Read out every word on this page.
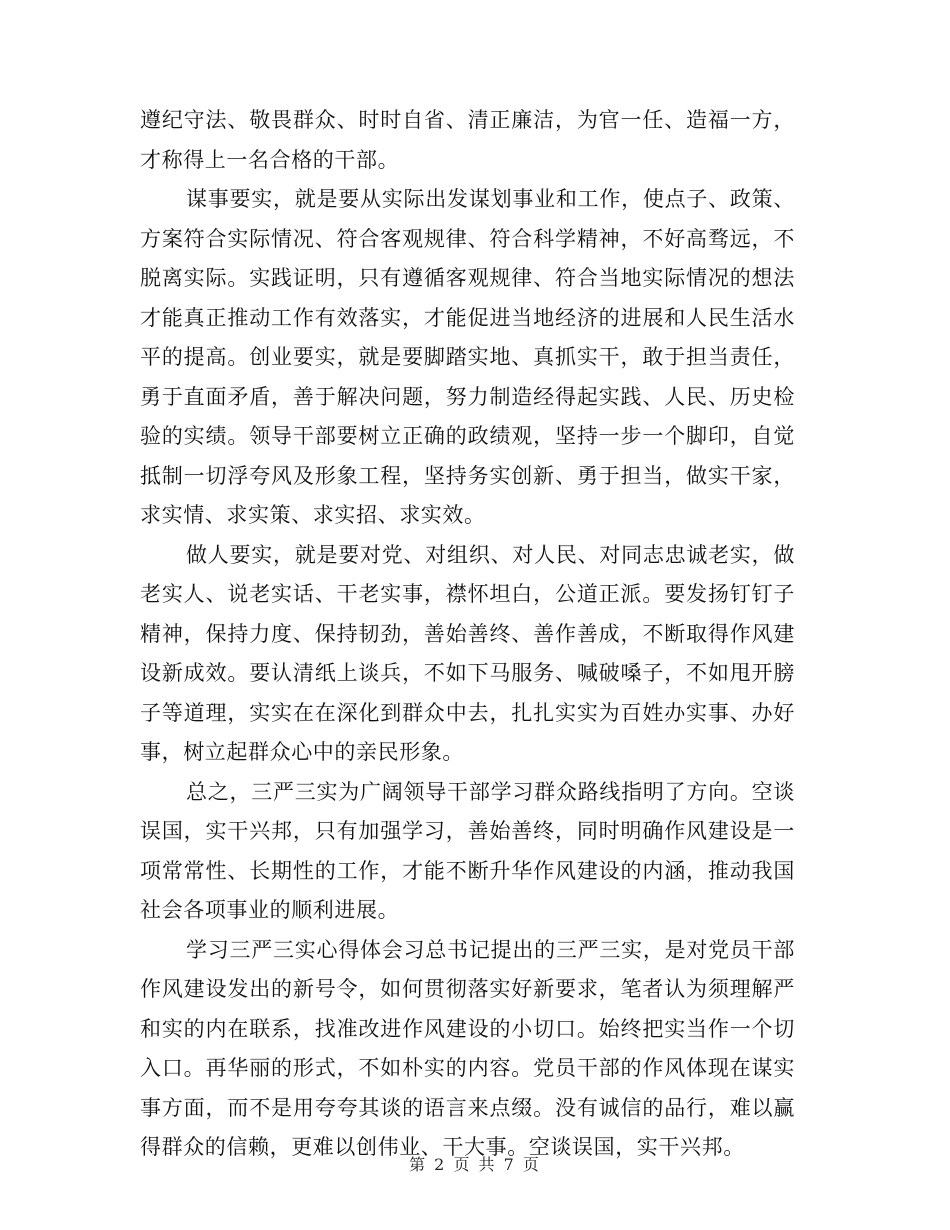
遵纪守法、敬畏群众、时时自省、清正廉洁，为官一任、造福一方，才称得上一名合格的干部。

谋事要实，就是要从实际出发谋划事业和工作，使点子、政策、方案符合实际情况、符合客观规律、符合科学精神，不好高骛远，不脱离实际。实践证明，只有遵循客观规律、符合当地实际情况的想法才能真正推动工作有效落实，才能促进当地经济的进展和人民生活水平的提高。创业要实，就是要脚踏实地、真抓实干，敢于担当责任，勇于直面矛盾，善于解决问题，努力制造经得起实践、人民、历史检验的实绩。领导干部要树立正确的政绩观，坚持一步一个脚印，自觉抵制一切浮夸风及形象工程，坚持务实创新、勇于担当，做实干家，求实情、求实策、求实招、求实效。

做人要实，就是要对党、对组织、对人民、对同志忠诚老实，做老实人、说老实话、干老实事，襟怀坦白，公道正派。要发扬钉钉子精神，保持力度、保持韧劲，善始善终、善作善成，不断取得作风建设新成效。要认清纸上谈兵，不如下马服务、喊破嗓子，不如甩开膀子等道理，实实在在深化到群众中去，扎扎实实为百姓办实事、办好事，树立起群众心中的亲民形象。

总之，三严三实为广阔领导干部学习群众路线指明了方向。空谈误国，实干兴邦，只有加强学习，善始善终，同时明确作风建设是一项常常性、长期性的工作，才能不断升华作风建设的内涵，推动我国社会各项事业的顺利进展。

学习三严三实心得体会习总书记提出的三严三实，是对党员干部作风建设发出的新号令，如何贯彻落实好新要求，笔者认为须理解严和实的内在联系，找准改进作风建设的小切口。始终把实当作一个切入口。再华丽的形式，不如朴实的内容。党员干部的作风体现在谋实事方面，而不是用夸夸其谈的语言来点缀。没有诚信的品行，难以赢得群众的信赖，更难以创伟业、干大事。空谈误国，实干兴邦。

第 2 页 共 7 页
